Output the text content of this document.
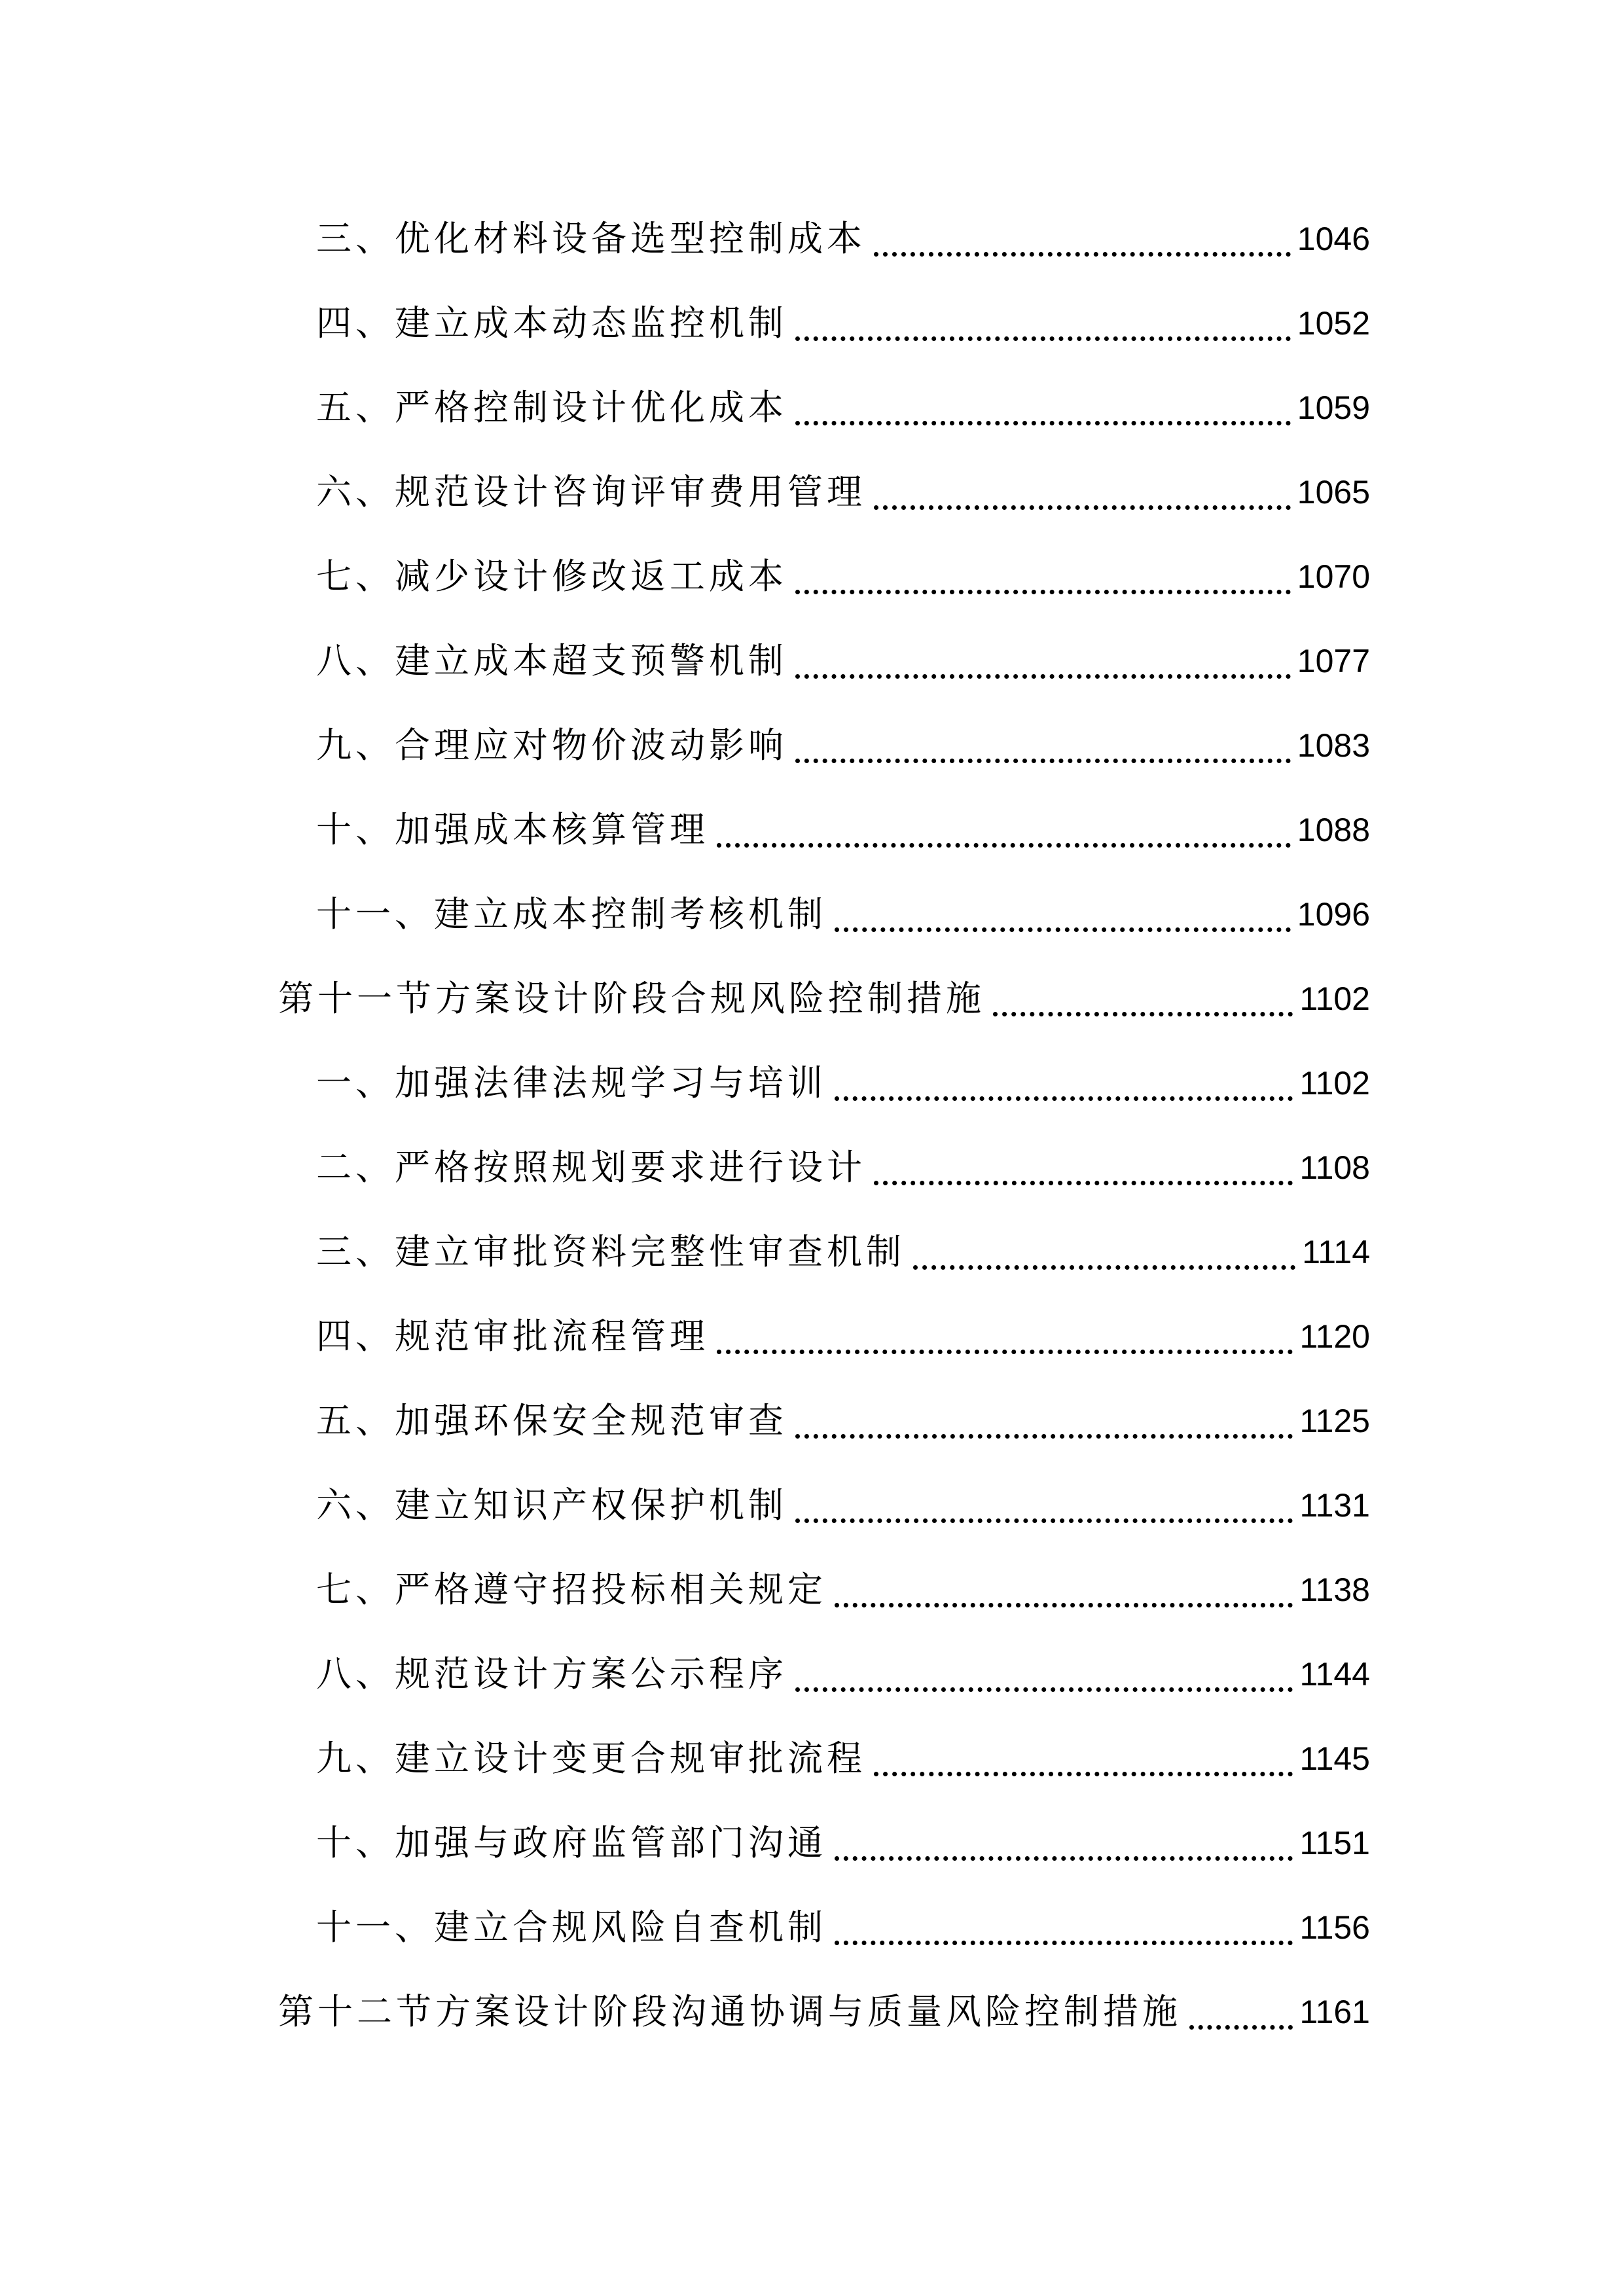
三、优化材料设备选型控制成本	1046
四、建立成本动态监控机制	1052
五、严格控制设计优化成本	1059
六、规范设计咨询评审费用管理	1065
七、减少设计修改返工成本	1070
八、建立成本超支预警机制	1077
九、合理应对物价波动影响	1083
十、加强成本核算管理	1088
十一、建立成本控制考核机制	1096
第十一节方案设计阶段合规风险控制措施	1102
一、加强法律法规学习与培训	1102
二、严格按照规划要求进行设计	1108
三、建立审批资料完整性审查机制	1114
四、规范审批流程管理	1120
五、加强环保安全规范审查	1125
六、建立知识产权保护机制	1131
七、严格遵守招投标相关规定	1138
八、规范设计方案公示程序	1144
九、建立设计变更合规审批流程	1145
十、加强与政府监管部门沟通	1151
十一、建立合规风险自查机制	1156
第十二节方案设计阶段沟通协调与质量风险控制措施	1161
